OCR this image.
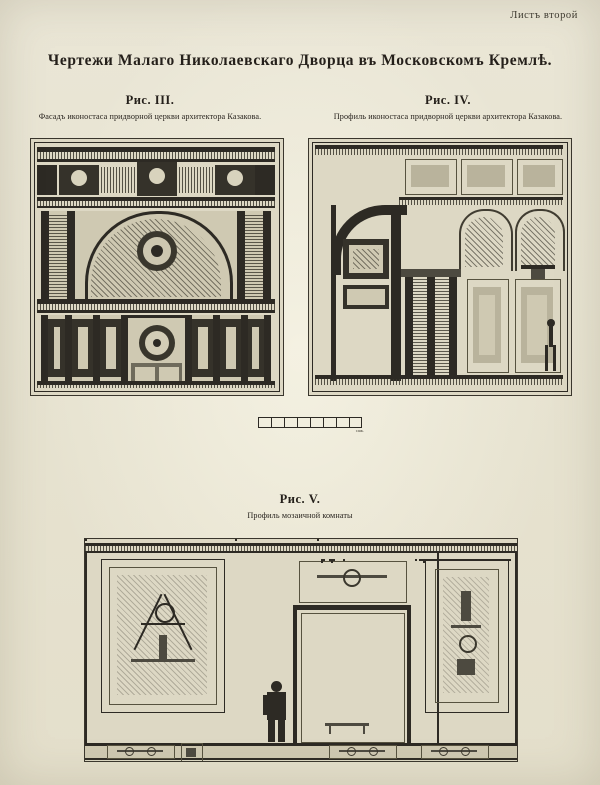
Листъ второй
Чертежи Малаго Николаевскаго Дворца въ Московскомъ Кремлѣ.
Рис. III.
Фасадъ иконостаса придворной церкви архитектора Казакова.
Рис. IV.
Профиль иконостаса придворной церкви архитектора Казакова.
саж.
Рис. V.
Профиль мозаичной комнаты
